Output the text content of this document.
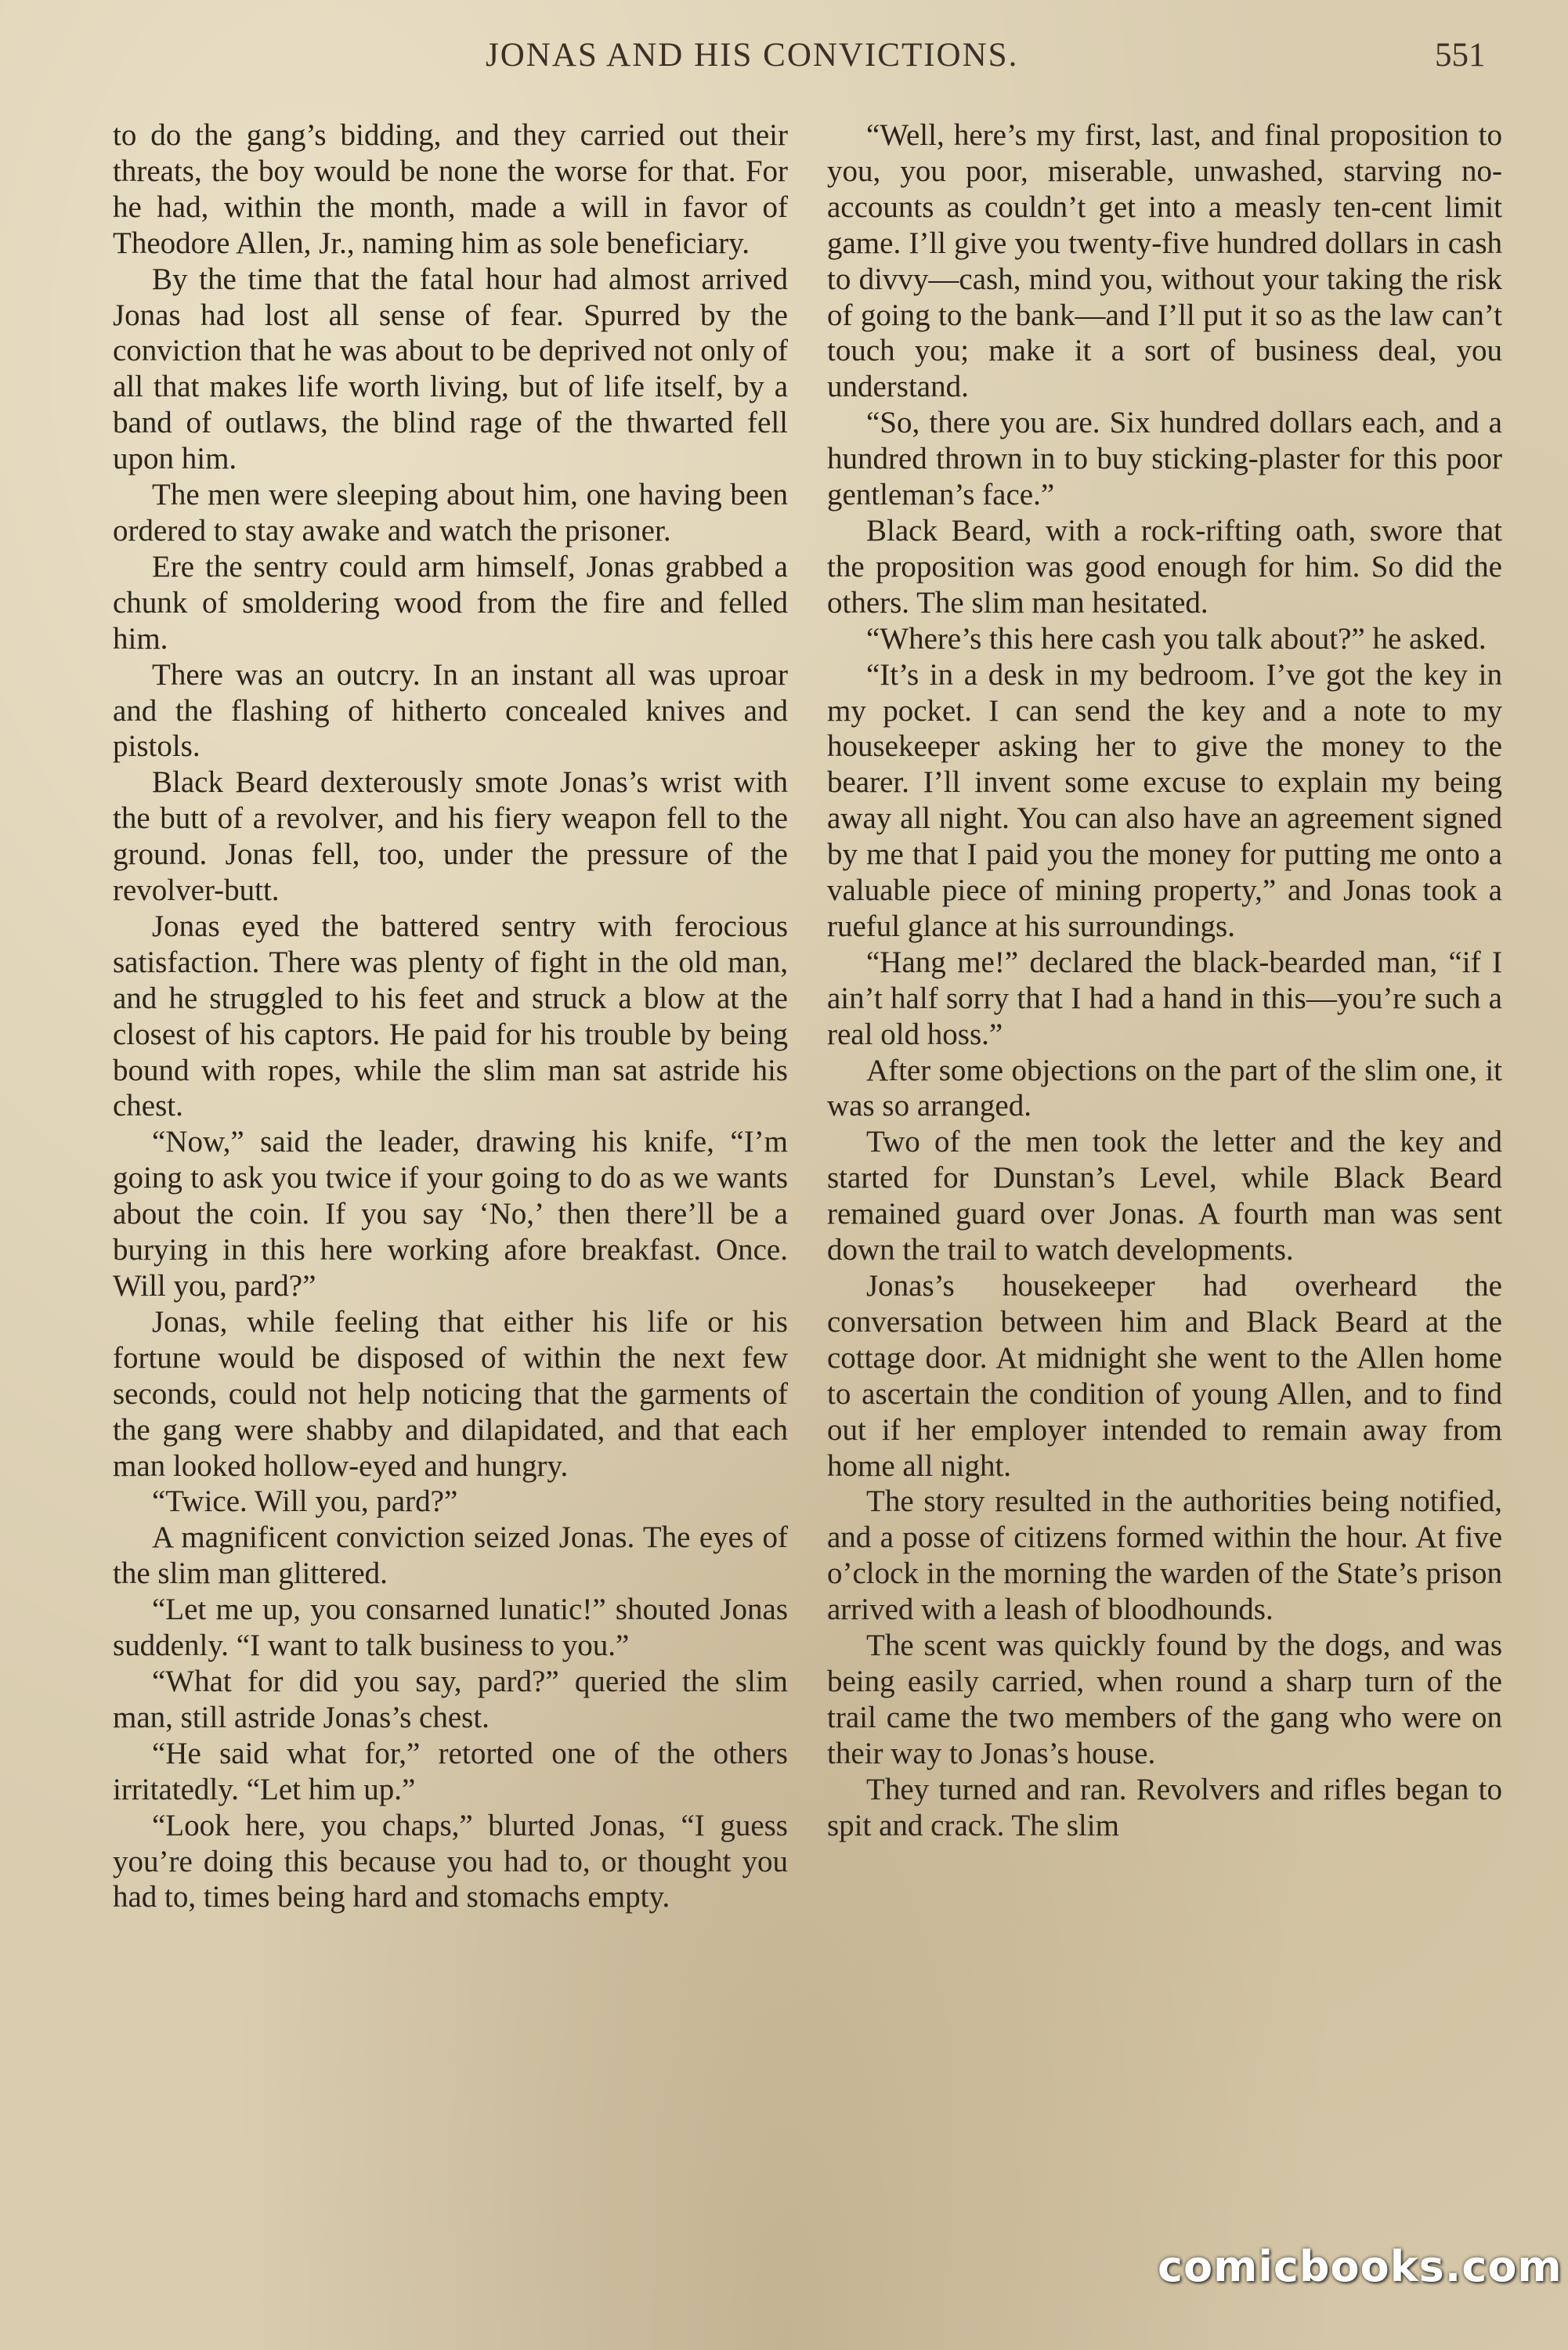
JONAS AND HIS CONVICTIONS.	551

to do the gang’s bidding, and they carried out their threats, the boy would be none the worse for that. For he had, within the month, made a will in favor of Theodore Allen, Jr., naming him as sole beneficiary.

By the time that the fatal hour had almost arrived Jonas had lost all sense of fear. Spurred by the conviction that he was about to be deprived not only of all that makes life worth living, but of life itself, by a band of outlaws, the blind rage of the thwarted fell upon him.

The men were sleeping about him, one having been ordered to stay awake and watch the prisoner.

Ere the sentry could arm himself, Jonas grabbed a chunk of smoldering wood from the fire and felled him.

There was an outcry. In an instant all was uproar and the flashing of hitherto concealed knives and pistols.

Black Beard dexterously smote Jonas’s wrist with the butt of a revolver, and his fiery weapon fell to the ground. Jonas fell, too, under the pressure of the revolver-butt.

Jonas eyed the battered sentry with ferocious satisfaction. There was plenty of fight in the old man, and he struggled to his feet and struck a blow at the closest of his captors. He paid for his trouble by being bound with ropes, while the slim man sat astride his chest.

“Now,” said the leader, drawing his knife, “I’m going to ask you twice if your going to do as we wants about the coin. If you say ‘No,’ then there’ll be a burying in this here working afore breakfast. Once. Will you, pard?”

Jonas, while feeling that either his life or his fortune would be disposed of within the next few seconds, could not help noticing that the garments of the gang were shabby and dilapidated, and that each man looked hollow-eyed and hungry.

“Twice. Will you, pard?”

A magnificent conviction seized Jonas. The eyes of the slim man glittered.

“Let me up, you consarned lunatic!” shouted Jonas suddenly. “I want to talk business to you.”

“What for did you say, pard?” queried the slim man, still astride Jonas’s chest.

“He said what for,” retorted one of the others irritatedly. “Let him up.”

“Look here, you chaps,” blurted Jonas, “I guess you’re doing this because you had to, or thought you had to, times being hard and stomachs empty.

“Well, here’s my first, last, and final proposition to you, you poor, miserable, unwashed, starving no-accounts as couldn’t get into a measly ten-cent limit game. I’ll give you twenty-five hundred dollars in cash to divvy—cash, mind you, without your taking the risk of going to the bank—and I’ll put it so as the law can’t touch you; make it a sort of business deal, you understand.

“So, there you are. Six hundred dollars each, and a hundred thrown in to buy sticking-plaster for this poor gentleman’s face.”

Black Beard, with a rock-rifting oath, swore that the proposition was good enough for him. So did the others. The slim man hesitated.

“Where’s this here cash you talk about?” he asked.

“It’s in a desk in my bedroom. I’ve got the key in my pocket. I can send the key and a note to my housekeeper asking her to give the money to the bearer. I’ll invent some excuse to explain my being away all night. You can also have an agreement signed by me that I paid you the money for putting me onto a valuable piece of mining property,” and Jonas took a rueful glance at his surroundings.

“Hang me!” declared the black-bearded man, “if I ain’t half sorry that I had a hand in this—you’re such a real old hoss.”

After some objections on the part of the slim one, it was so arranged.

Two of the men took the letter and the key and started for Dunstan’s Level, while Black Beard remained guard over Jonas. A fourth man was sent down the trail to watch developments.

Jonas’s housekeeper had overheard the conversation between him and Black Beard at the cottage door. At midnight she went to the Allen home to ascertain the condition of young Allen, and to find out if her employer intended to remain away from home all night.

The story resulted in the authorities being notified, and a posse of citizens formed within the hour. At five o’clock in the morning the warden of the State’s prison arrived with a leash of bloodhounds.

The scent was quickly found by the dogs, and was being easily carried, when round a sharp turn of the trail came the two members of the gang who were on their way to Jonas’s house.

They turned and ran. Revolvers and rifles began to spit and crack. The slim

comicbooks.com
